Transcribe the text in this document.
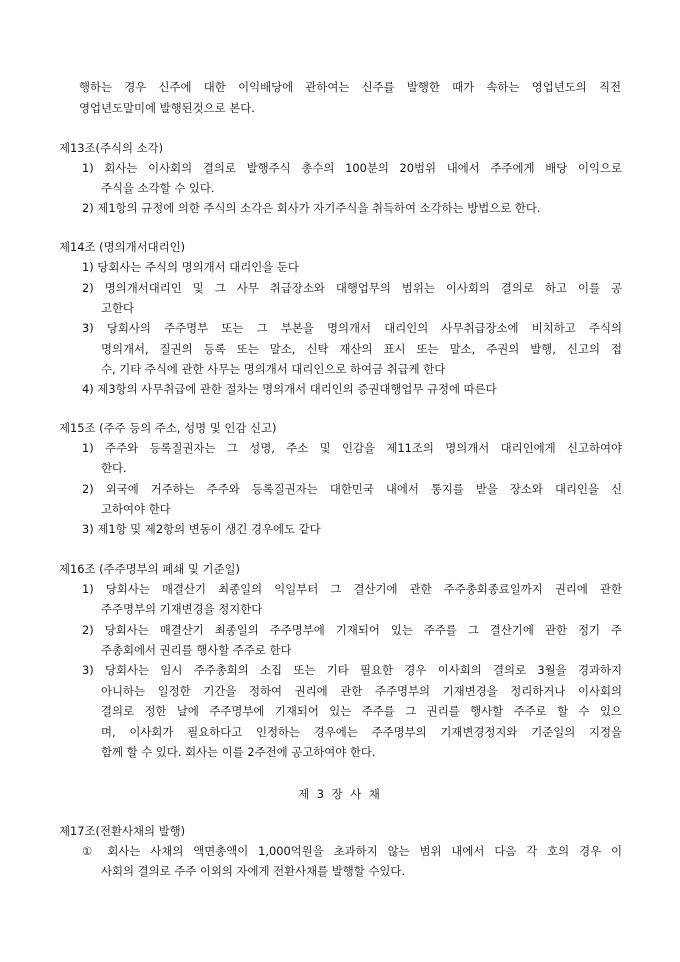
행하는 경우 신주에 대한 이익배당에 관하여는 신주를 발행한 때가 속하는 영업년도의 직전
영업년도말미에 발행된것으로 본다.
제13조(주식의 소각)
1) 회사는 이사회의 결의로 발행주식 총수의 100분의 20범위 내에서 주주에게 배당 이익으로
주식을 소각할 수 있다.
2) 제1항의 규정에 의한 주식의 소각은 회사가 자기주식을 취득하여 소각하는 방법으로 한다.
제14조 (명의개서대리인)
1) 당회사는 주식의 명의개서 대리인을 둔다
2) 명의개서대리인 및 그 사무 취급장소와 대행업무의 범위는 이사회의 결의로 하고 이를 공
고한다
3) 당회사의 주주명부 또는 그 부본을 명의개서 대리인의 사무취급장소에 비치하고 주식의
명의개서, 질권의 등록 또는 말소, 신탁 재산의 표시 또는 말소, 주권의 발행, 신고의 접
수, 기타 주식에 관한 사무는 명의개서 대리인으로 하여금 취급케 한다
4) 제3항의 사무취급에 관한 절차는 명의개서 대리인의 증권대행업무 규정에 따른다
제15조 (주주 등의 주소, 성명 및 인감 신고)
1) 주주와 등록질권자는 그 성명, 주소 및 인감을 제11조의 명의개서 대리인에게 신고하여야
한다.
2) 외국에 거주하는 주주와 등록질권자는 대한민국 내에서 통지를 받을 장소와 대리인을 신
고하여야 한다
3) 제1항 및 제2항의 변동이 생긴 경우에도 같다
제16조 (주주명부의 폐쇄 및 기준일)
1) 당회사는 매결산기 최종일의 익일부터 그 결산기에 관한 주주총회종료일까지 권리에 관한
주주명부의 기재변경을 정지한다
2) 당회사는 매결산기 최종일의 주주명부에 기재되어 있는 주주를 그 결산기에 관한 정기 주
주총회에서 권리를 행사할 주주로 한다
3) 당회사는 임시 주주총회의 소집 또는 기타 필요한 경우 이사회의 결의로 3월을 경과하지
아니하는 일정한 기간을 정하여 권리에 관한 주주명부의 기재변경을 정리하거나 이사회의
결의로 정한 날에 주주명부에 기재되어 있는 주주를 그 권리를 행사할 주주로 할 수 있으
며, 이사회가 필요하다고 인정하는 경우에는 주주명부의 기재변경정지와 기준일의 지정을
함께 할 수 있다. 회사는 이를 2주전에 공고하여야 한다.
제 3 장 사 채
제17조(전환사채의 발행)
① 회사는 사채의 액면총액이 1,000억원을 초과하지 않는 범위 내에서 다음 각 호의 경우 이
사회의 결의로 주주 이외의 자에게 전환사채를 발행할 수있다.
